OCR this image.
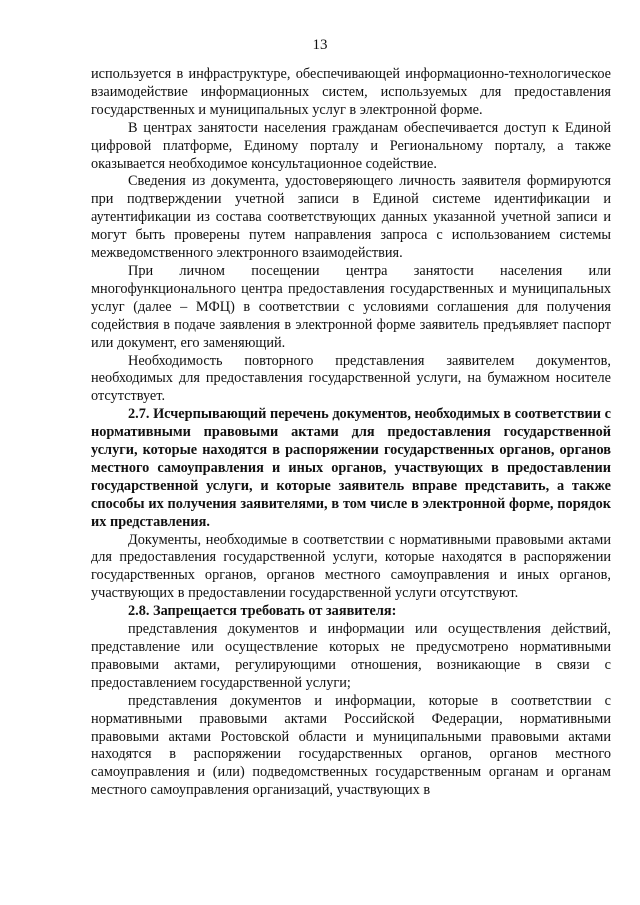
13

используется в инфраструктуре, обеспечивающей информационно-технологическое взаимодействие информационных систем, используемых для предоставления государственных и муниципальных услуг в электронной форме.

В центрах занятости населения гражданам обеспечивается доступ к Единой цифровой платформе, Единому порталу и Региональному порталу, а также оказывается необходимое консультационное содействие.

Сведения из документа, удостоверяющего личность заявителя формируются при подтверждении учетной записи в Единой системе идентификации и аутентификации из состава соответствующих данных указанной учетной записи и могут быть проверены путем направления запроса с использованием системы межведомственного электронного взаимодействия.

При личном посещении центра занятости населения или многофункционального центра предоставления государственных и муниципальных услуг (далее – МФЦ) в соответствии с условиями соглашения для получения содействия в подаче заявления в электронной форме заявитель предъявляет паспорт или документ, его заменяющий.

Необходимость повторного представления заявителем документов, необходимых для предоставления государственной услуги, на бумажном носителе отсутствует.

2.7. Исчерпывающий перечень документов, необходимых в соответствии с нормативными правовыми актами для предоставления государственной услуги, которые находятся в распоряжении государственных органов, органов местного самоуправления и иных органов, участвующих в предоставлении государственной услуги, и которые заявитель вправе представить, а также способы их получения заявителями, в том числе в электронной форме, порядок их представления.

Документы, необходимые в соответствии с нормативными правовыми актами для предоставления государственной услуги, которые находятся в распоряжении государственных органов, органов местного самоуправления и иных органов, участвующих в предоставлении государственной услуги отсутствуют.

2.8. Запрещается требовать от заявителя:

представления документов и информации или осуществления действий, представление или осуществление которых не предусмотрено нормативными правовыми актами, регулирующими отношения, возникающие в связи с предоставлением государственной услуги;

представления документов и информации, которые в соответствии с нормативными правовыми актами Российской Федерации, нормативными правовыми актами Ростовской области и муниципальными правовыми актами находятся в распоряжении государственных органов, органов местного самоуправления и (или) подведомственных государственным органам и органам местного самоуправления организаций, участвующих в
